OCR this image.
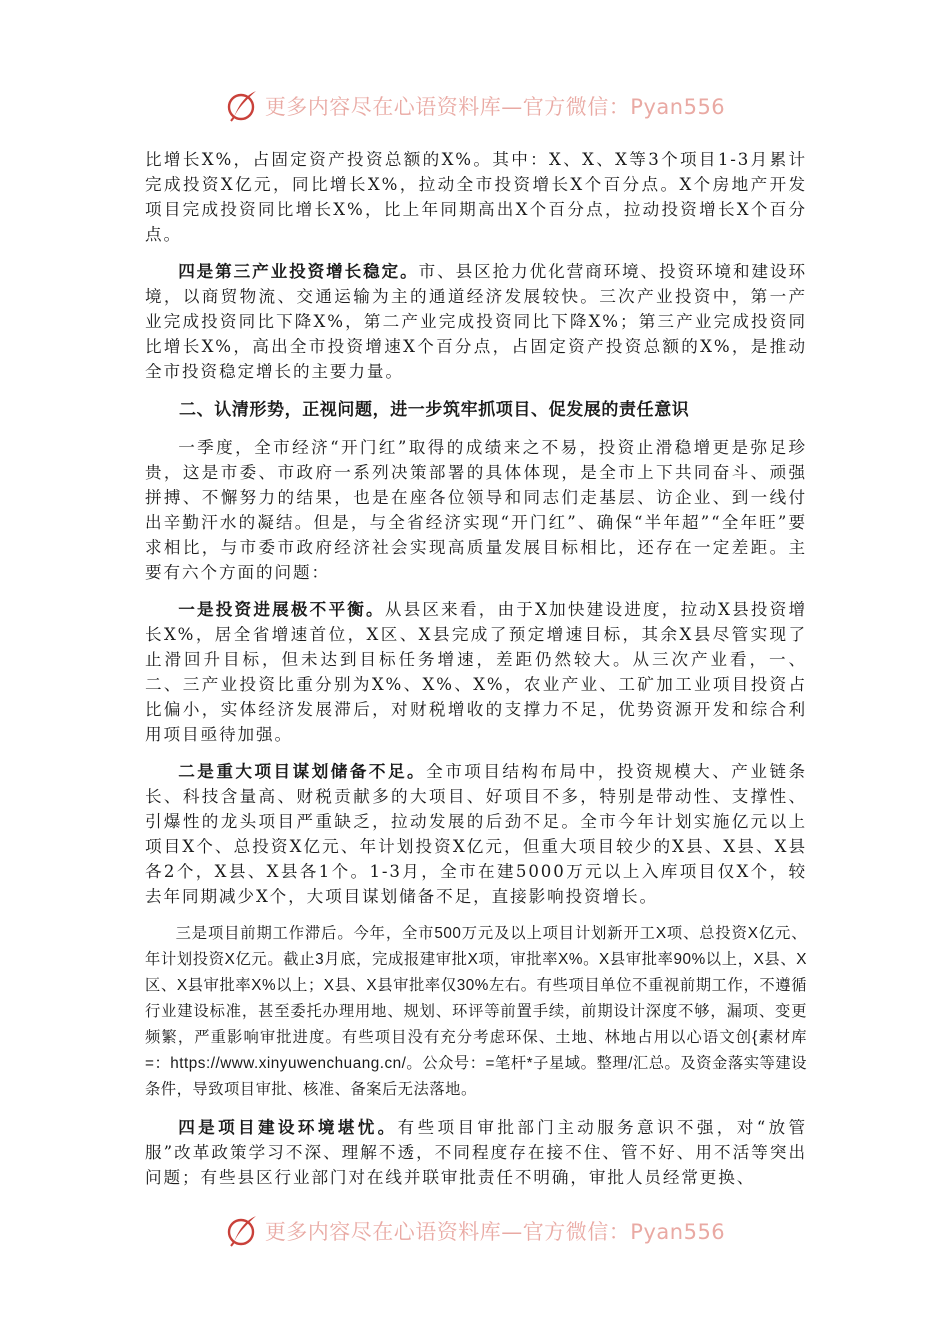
更多内容尽在心语资料库—官方微信：Pyan556

比增长X%，占固定资产投资总额的X%。其中：X、X、X等3个项目1-3月累计完成投资X亿元，同比增长X%，拉动全市投资增长X个百分点。X个房地产开发项目完成投资同比增长X%，比上年同期高出X个百分点，拉动投资增长X个百分点。

四是第三产业投资增长稳定。市、县区抢力优化营商环境、投资环境和建设环境，以商贸物流、交通运输为主的通道经济发展较快。三次产业投资中，第一产业完成投资同比下降X%，第二产业完成投资同比下降X%；第三产业完成投资同比增长X%，高出全市投资增速X个百分点，占固定资产投资总额的X%，是推动全市投资稳定增长的主要力量。

二、认清形势，正视问题，进一步筑牢抓项目、促发展的责任意识

一季度，全市经济“开门红”取得的成绩来之不易，投资止滑稳增更是弥足珍贵，这是市委、市政府一系列决策部署的具体体现，是全市上下共同奋斗、顽强拼搏、不懈努力的结果，也是在座各位领导和同志们走基层、访企业、到一线付出辛勤汗水的凝结。但是，与全省经济实现“开门红”、确保“半年超”“全年旺”要求相比，与市委市政府经济社会实现高质量发展目标相比，还存在一定差距。主要有六个方面的问题：

一是投资进展极不平衡。从县区来看，由于X加快建设进度，拉动X县投资增长X%，居全省增速首位，X区、X县完成了预定增速目标，其余X县尽管实现了止滑回升目标，但未达到目标任务增速，差距仍然较大。从三次产业看，一、二、三产业投资比重分别为X%、X%、X%，农业产业、工矿加工业项目投资占比偏小，实体经济发展滞后，对财税增收的支撑力不足，优势资源开发和综合利用项目亟待加强。

二是重大项目谋划储备不足。全市项目结构布局中，投资规模大、产业链条长、科技含量高、财税贡献多的大项目、好项目不多，特别是带动性、支撑性、引爆性的龙头项目严重缺乏，拉动发展的后劲不足。全市今年计划实施亿元以上项目X个、总投资X亿元、年计划投资X亿元，但重大项目较少的X县、X县、X县各2个，X县、X县各1个。1-3月，全市在建5000万元以上入库项目仅X个，较去年同期减少X个，大项目谋划储备不足，直接影响投资增长。

三是项目前期工作滞后。今年，全市500万元及以上项目计划新开工X项、总投资X亿元、年计划投资X亿元。截止3月底，完成报建审批X项，审批率X%。X县审批率90%以上，X县、X区、X县审批率X%以上；X县、X县审批率仅30%左右。有些项目单位不重视前期工作，不遵循行业建设标准，甚至委托办理用地、规划、环评等前置手续，前期设计深度不够，漏项、变更频繁，严重影响审批进度。有些项目没有充分考虑环保、土地、林地占用以心语文创{素材库=：https://www.xinyuwenchuang.cn/。公众号：=笔杆*子星域。整理/汇总。及资金落实等建设条件，导致项目审批、核准、备案后无法落地。

四是项目建设环境堪忧。有些项目审批部门主动服务意识不强，对“放管服”改革政策学习不深、理解不透，不同程度存在接不住、管不好、用不活等突出问题；有些县区行业部门对在线并联审批责任不明确，审批人员经常更换、

更多内容尽在心语资料库—官方微信：Pyan556
